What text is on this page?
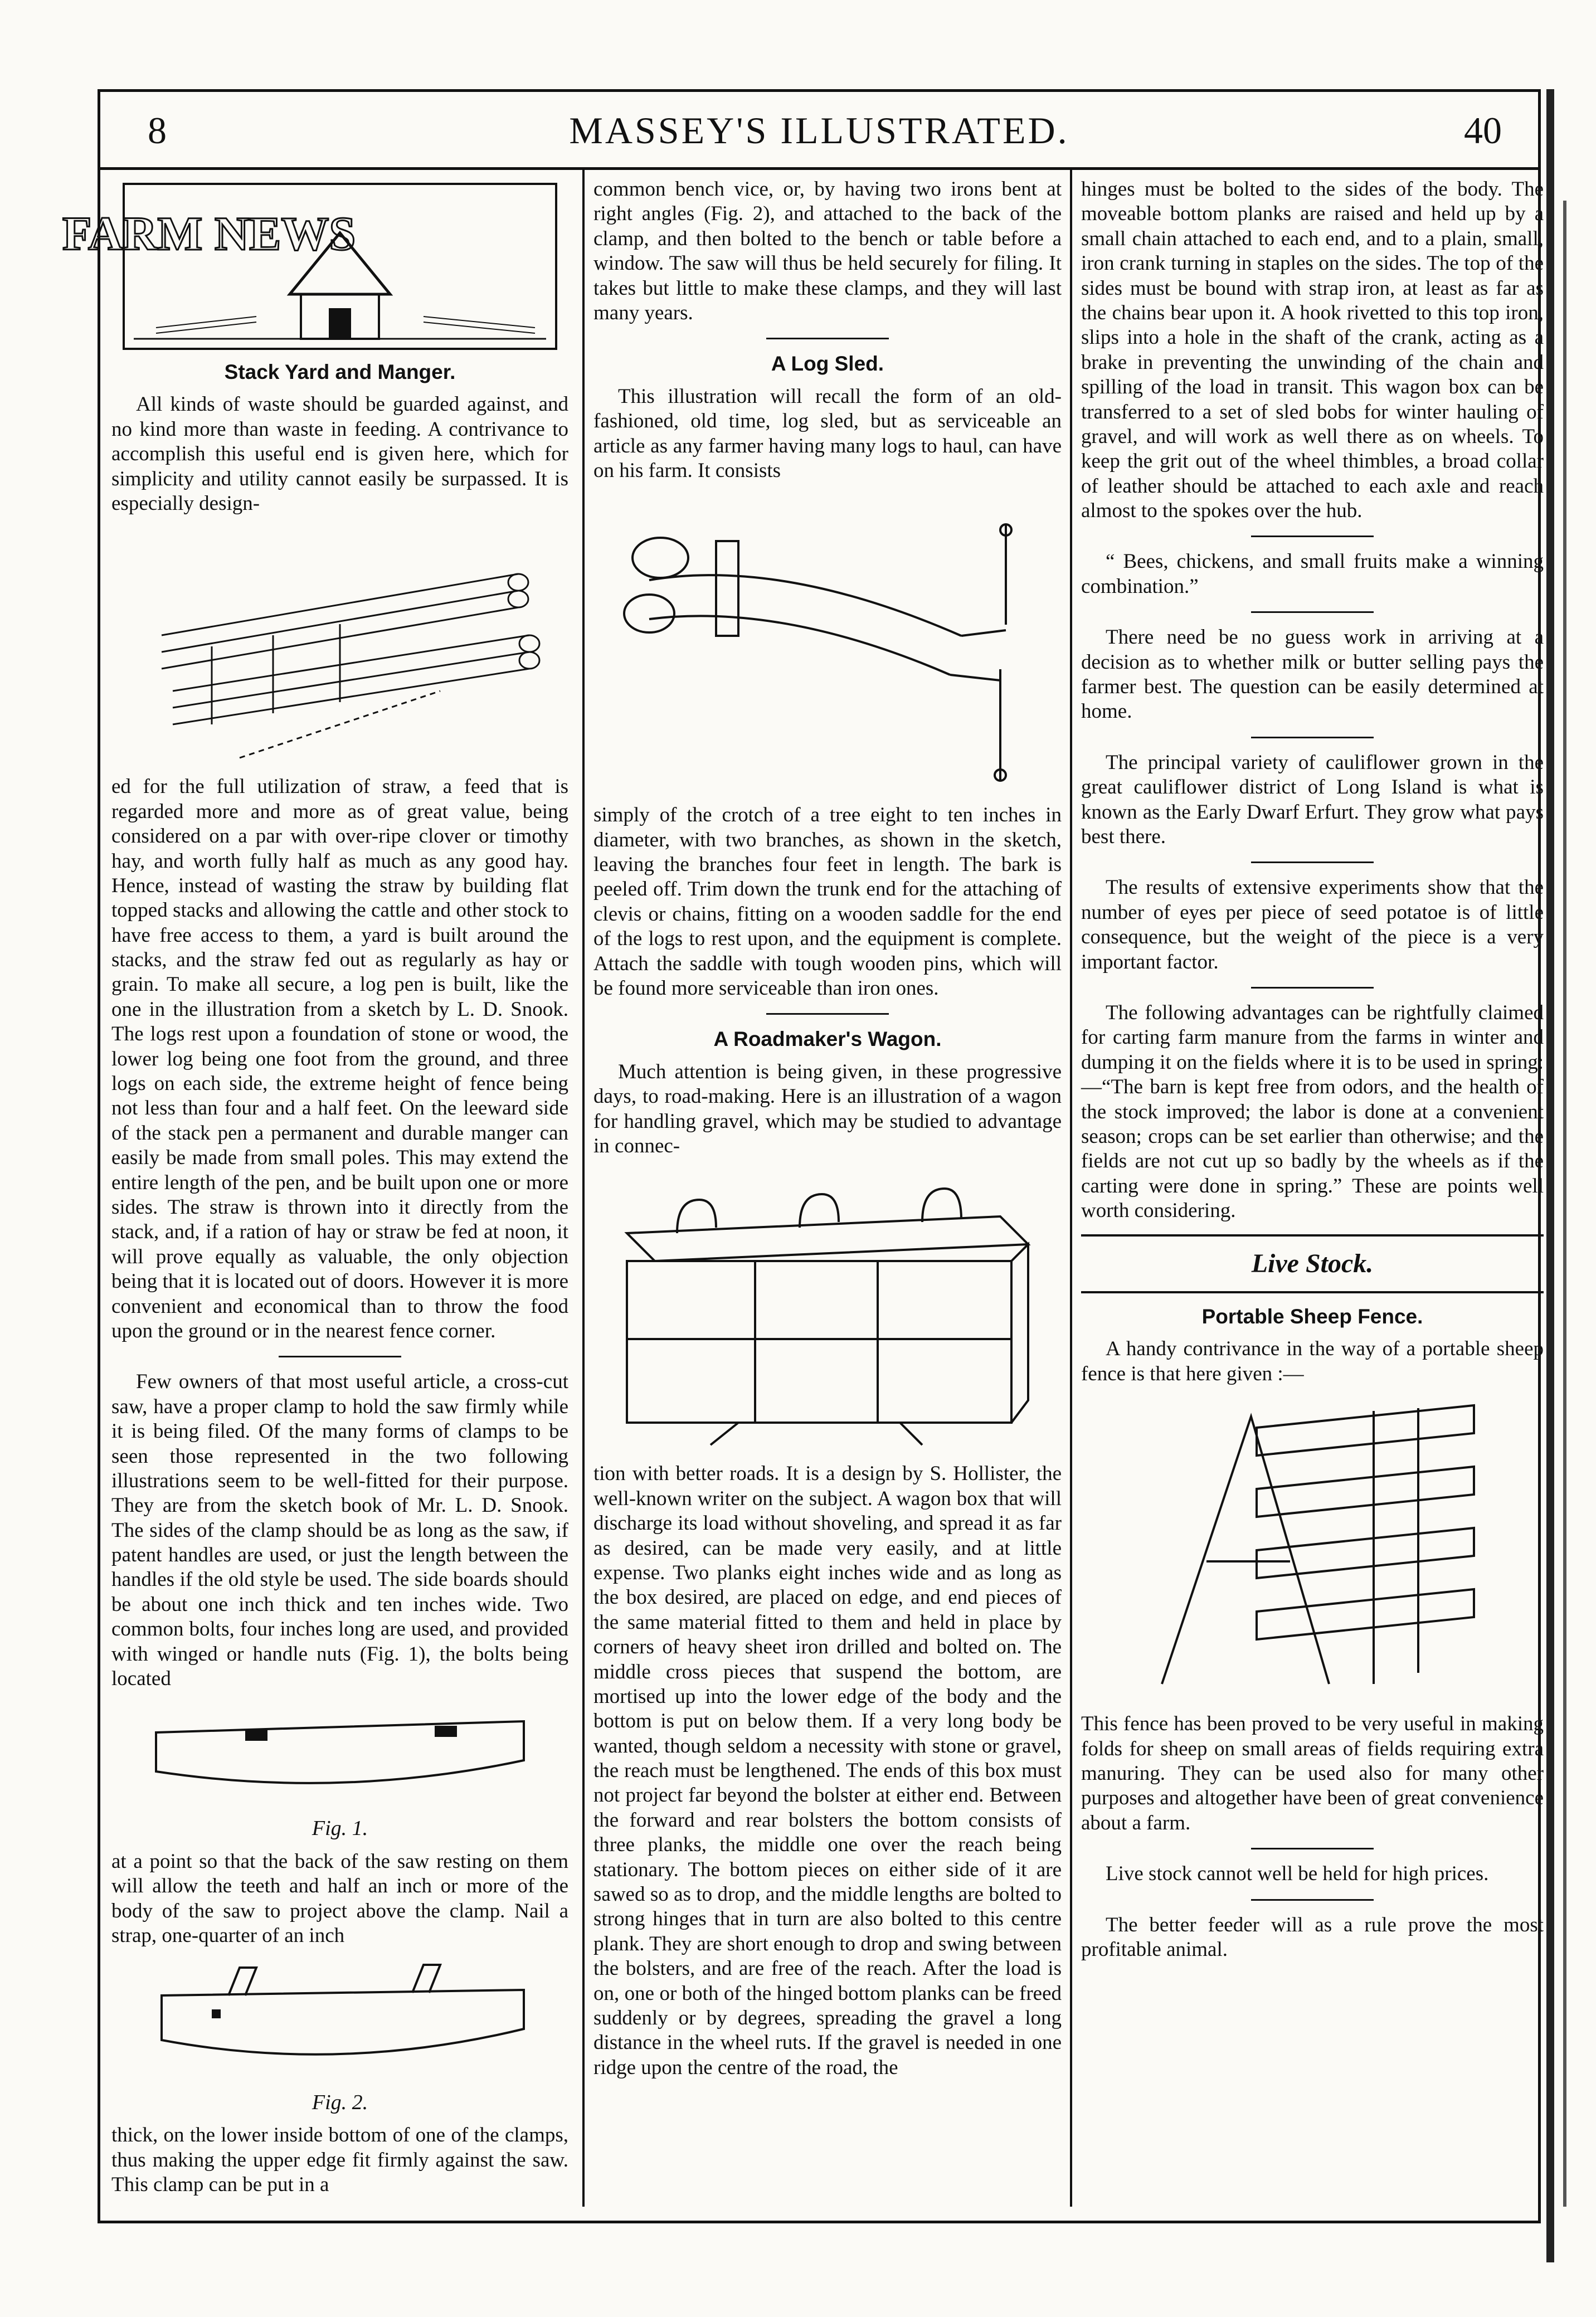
8	MASSEY'S ILLUSTRATED.	40
FARM NEWS
Stack Yard and Manger.

All kinds of waste should be guarded against, and no kind more than waste in feeding. A contrivance to accomplish this useful end is given here, which for simplicity and utility cannot easily be surpassed. It is especially design-

ed for the full utilization of straw, a feed that is regarded more and more as of great value, being considered on a par with over-ripe clover or timothy hay, and worth fully half as much as any good hay. Hence, instead of wasting the straw by building flat topped stacks and allowing the cattle and other stock to have free access to them, a yard is built around the stacks, and the straw fed out as regularly as hay or grain. To make all secure, a log pen is built, like the one in the illustration from a sketch by L. D. Snook. The logs rest upon a foundation of stone or wood, the lower log being one foot from the ground, and three logs on each side, the extreme height of fence being not less than four and a half feet. On the leeward side of the stack pen a permanent and durable manger can easily be made from small poles. This may extend the entire length of the pen, and be built upon one or more sides. The straw is thrown into it directly from the stack, and, if a ration of hay or straw be fed at noon, it will prove equally as valuable, the only objection being that it is located out of doors. However it is more convenient and economical than to throw the food upon the ground or in the nearest fence corner.

Few owners of that most useful article, a cross-cut saw, have a proper clamp to hold the saw firmly while it is being filed. Of the many forms of clamps to be seen those represented in the two following illustrations seem to be well-fitted for their purpose. They are from the sketch book of Mr. L. D. Snook. The sides of the clamp should be as long as the saw, if patent handles are used, or just the length between the handles if the old style be used. The side boards should be about one inch thick and ten inches wide. Two common bolts, four inches long are used, and provided with winged or handle nuts (Fig. 1), the bolts being located

Fig. 1.

at a point so that the back of the saw resting on them will allow the teeth and half an inch or more of the body of the saw to project above the clamp. Nail a strap, one-quarter of an inch

Fig. 2.

thick, on the lower inside bottom of one of the clamps, thus making the upper edge fit firmly against the saw. This clamp can be put in a

common bench vice, or, by having two irons bent at right angles (Fig. 2), and attached to the back of the clamp, and then bolted to the bench or table before a window. The saw will thus be held securely for filing. It takes but little to make these clamps, and they will last many years.

A Log Sled.

This illustration will recall the form of an old-fashioned, old time, log sled, but as serviceable an article as any farmer having many logs to haul, can have on his farm. It consists

simply of the crotch of a tree eight to ten inches in diameter, with two branches, as shown in the sketch, leaving the branches four feet in length. The bark is peeled off. Trim down the trunk end for the attaching of clevis or chains, fitting on a wooden saddle for the end of the logs to rest upon, and the equipment is complete. Attach the saddle with tough wooden pins, which will be found more serviceable than iron ones.

A Roadmaker's Wagon.

Much attention is being given, in these progressive days, to road-making. Here is an illustration of a wagon for handling gravel, which may be studied to advantage in connec-

tion with better roads. It is a design by S. Hollister, the well-known writer on the subject. A wagon box that will discharge its load without shoveling, and spread it as far as desired, can be made very easily, and at little expense. Two planks eight inches wide and as long as the box desired, are placed on edge, and end pieces of the same material fitted to them and held in place by corners of heavy sheet iron drilled and bolted on. The middle cross pieces that suspend the bottom, are mortised up into the lower edge of the body and the bottom is put on below them. If a very long body be wanted, though seldom a necessity with stone or gravel, the reach must be lengthened. The ends of this box must not project far beyond the bolster at either end. Between the forward and rear bolsters the bottom consists of three planks, the middle one over the reach being stationary. The bottom pieces on either side of it are sawed so as to drop, and the middle lengths are bolted to strong hinges that in turn are also bolted to this centre plank. They are short enough to drop and swing between the bolsters, and are free of the reach. After the load is on, one or both of the hinged bottom planks can be freed suddenly or by degrees, spreading the gravel a long distance in the wheel ruts. If the gravel is needed in one ridge upon the centre of the road, the

hinges must be bolted to the sides of the body. The moveable bottom planks are raised and held up by a small chain attached to each end, and to a plain, small, iron crank turning in staples on the sides. The top of the sides must be bound with strap iron, at least as far as the chains bear upon it. A hook rivetted to this top iron, slips into a hole in the shaft of the crank, acting as a brake in preventing the unwinding of the chain and spilling of the load in transit. This wagon box can be transferred to a set of sled bobs for winter hauling of gravel, and will work as well there as on wheels. To keep the grit out of the wheel thimbles, a broad collar of leather should be attached to each axle and reach almost to the spokes over the hub.

“ Bees, chickens, and small fruits make a winning combination.”

There need be no guess work in arriving at a decision as to whether milk or butter selling pays the farmer best. The question can be easily determined at home.

The principal variety of cauliflower grown in the great cauliflower district of Long Island is what is known as the Early Dwarf Erfurt. They grow what pays best there.

The results of extensive experiments show that the number of eyes per piece of seed potatoe is of little consequence, but the weight of the piece is a very important factor.

The following advantages can be rightfully claimed for carting farm manure from the farms in winter and dumping it on the fields where it is to be used in spring:—“The barn is kept free from odors, and the health of the stock improved; the labor is done at a convenient season; crops can be set earlier than otherwise; and the fields are not cut up so badly by the wheels as if the carting were done in spring.” These are points well worth considering.

Live Stock.
Portable Sheep Fence.

A handy contrivance in the way of a portable sheep fence is that here given :—

This fence has been proved to be very useful in making folds for sheep on small areas of fields requiring extra manuring. They can be used also for many other purposes and altogether have been of great convenience about a farm.

Live stock cannot well be held for high prices.

The better feeder will as a rule prove the most profitable animal.
